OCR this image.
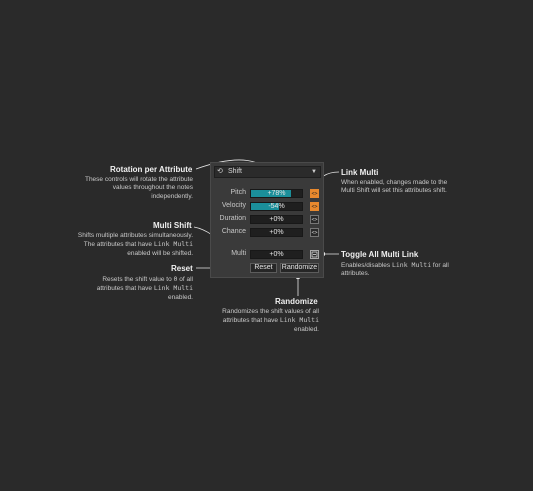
⟲ Shift	▼
Pitch	+78%	<>
Velocity	-54%	<>
Duration	+0%	<>
Chance	+0%	<>
Multi	+0%
Reset	Randomize
Rotation per Attribute
These controls will rotate the attribute
values throughout the notes
independently.
Link Multi
When enabled, changes made to the
Multi Shift will set this attributes shift.
Multi Shift
Shifts multiple attributes simultaneously.
The attributes that have Link Multi
enabled will be shifted.	Toggle All Multi Link
Enables/disables Link Multi for all
attributes.
Reset
Resets the shift value to 0 of all
attributes that have Link Multi
enabled.	Randomize
Randomizes the shift values of all
attributes that have Link Multi
enabled.
